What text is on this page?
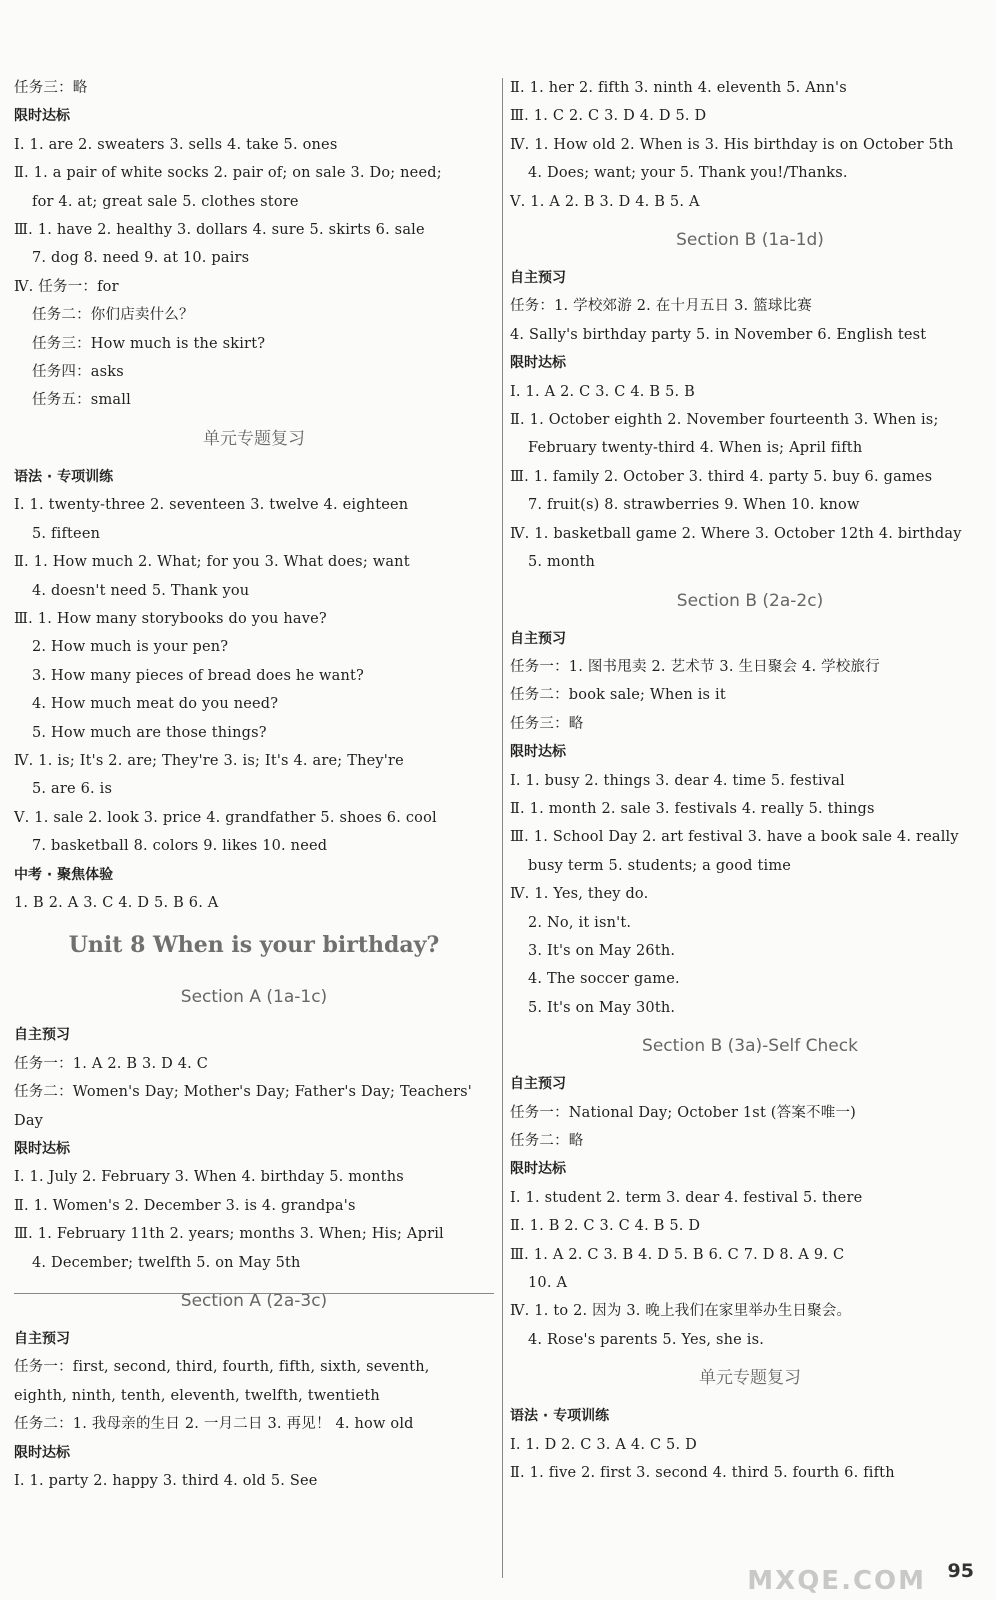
任务三：略
限时达标
Ⅰ. 1. are 2. sweaters 3. sells 4. take 5. ones
Ⅱ. 1. a pair of white socks 2. pair of; on sale 3. Do; need;
for 4. at; great sale 5. clothes store
Ⅲ. 1. have 2. healthy 3. dollars 4. sure 5. skirts 6. sale
7. dog 8. need 9. at 10. pairs
Ⅳ. 任务一：for
任务二：你们店卖什么？
任务三：How much is the skirt?
任务四：asks
任务五：small
单元专题复习
语法 · 专项训练
Ⅰ. 1. twenty-three 2. seventeen 3. twelve 4. eighteen
5. fifteen
Ⅱ. 1. How much 2. What; for you 3. What does; want
4. doesn't need 5. Thank you
Ⅲ. 1. How many storybooks do you have?
2. How much is your pen?
3. How many pieces of bread does he want?
4. How much meat do you need?
5. How much are those things?
Ⅳ. 1. is; It's 2. are; They're 3. is; It's 4. are; They're
5. are 6. is
Ⅴ. 1. sale 2. look 3. price 4. grandfather 5. shoes 6. cool
7. basketball 8. colors 9. likes 10. need
中考 · 聚焦体验
1. B 2. A 3. C 4. D 5. B 6. A
Unit 8 When is your birthday?
Section A (1a-1c)
自主预习
任务一：1. A 2. B 3. D 4. C
任务二：Women's Day; Mother's Day; Father's Day; Teachers'
Day
限时达标
Ⅰ. 1. July 2. February 3. When 4. birthday 5. months
Ⅱ. 1. Women's 2. December 3. is 4. grandpa's
Ⅲ. 1. February 11th 2. years; months 3. When; His; April
4. December; twelfth 5. on May 5th
Section A (2a-3c)
自主预习
任务一：first, second, third, fourth, fifth, sixth, seventh,
eighth, ninth, tenth, eleventh, twelfth, twentieth
任务二：1. 我母亲的生日 2. 一月二日 3. 再见！ 4. how old
限时达标
Ⅰ. 1. party 2. happy 3. third 4. old 5. See
Ⅱ. 1. her 2. fifth 3. ninth 4. eleventh 5. Ann's
Ⅲ. 1. C 2. C 3. D 4. D 5. D
Ⅳ. 1. How old 2. When is 3. His birthday is on October 5th
4. Does; want; your 5. Thank you!/Thanks.
Ⅴ. 1. A 2. B 3. D 4. B 5. A
Section B (1a-1d)
自主预习
任务：1. 学校郊游 2. 在十月五日 3. 篮球比赛
4. Sally's birthday party 5. in November 6. English test
限时达标
Ⅰ. 1. A 2. C 3. C 4. B 5. B
Ⅱ. 1. October eighth 2. November fourteenth 3. When is;
February twenty-third 4. When is; April fifth
Ⅲ. 1. family 2. October 3. third 4. party 5. buy 6. games
7. fruit(s) 8. strawberries 9. When 10. know
Ⅳ. 1. basketball game 2. Where 3. October 12th 4. birthday
5. month
Section B (2a-2c)
自主预习
任务一：1. 图书甩卖 2. 艺术节 3. 生日聚会 4. 学校旅行
任务二：book sale; When is it
任务三：略
限时达标
Ⅰ. 1. busy 2. things 3. dear 4. time 5. festival
Ⅱ. 1. month 2. sale 3. festivals 4. really 5. things
Ⅲ. 1. School Day 2. art festival 3. have a book sale 4. really
busy term 5. students; a good time
Ⅳ. 1. Yes, they do.
2. No, it isn't.
3. It's on May 26th.
4. The soccer game.
5. It's on May 30th.
Section B (3a)-Self Check
自主预习
任务一：National Day; October 1st (答案不唯一)
任务二：略
限时达标
Ⅰ. 1. student 2. term 3. dear 4. festival 5. there
Ⅱ. 1. B 2. C 3. C 4. B 5. D
Ⅲ. 1. A 2. C 3. B 4. D 5. B 6. C 7. D 8. A 9. C
10. A
Ⅳ. 1. to 2. 因为 3. 晚上我们在家里举办生日聚会。
4. Rose's parents 5. Yes, she is.
单元专题复习
语法 · 专项训练
Ⅰ. 1. D 2. C 3. A 4. C 5. D
Ⅱ. 1. five 2. first 3. second 4. third 5. fourth 6. fifth
MXQE.COM 95
